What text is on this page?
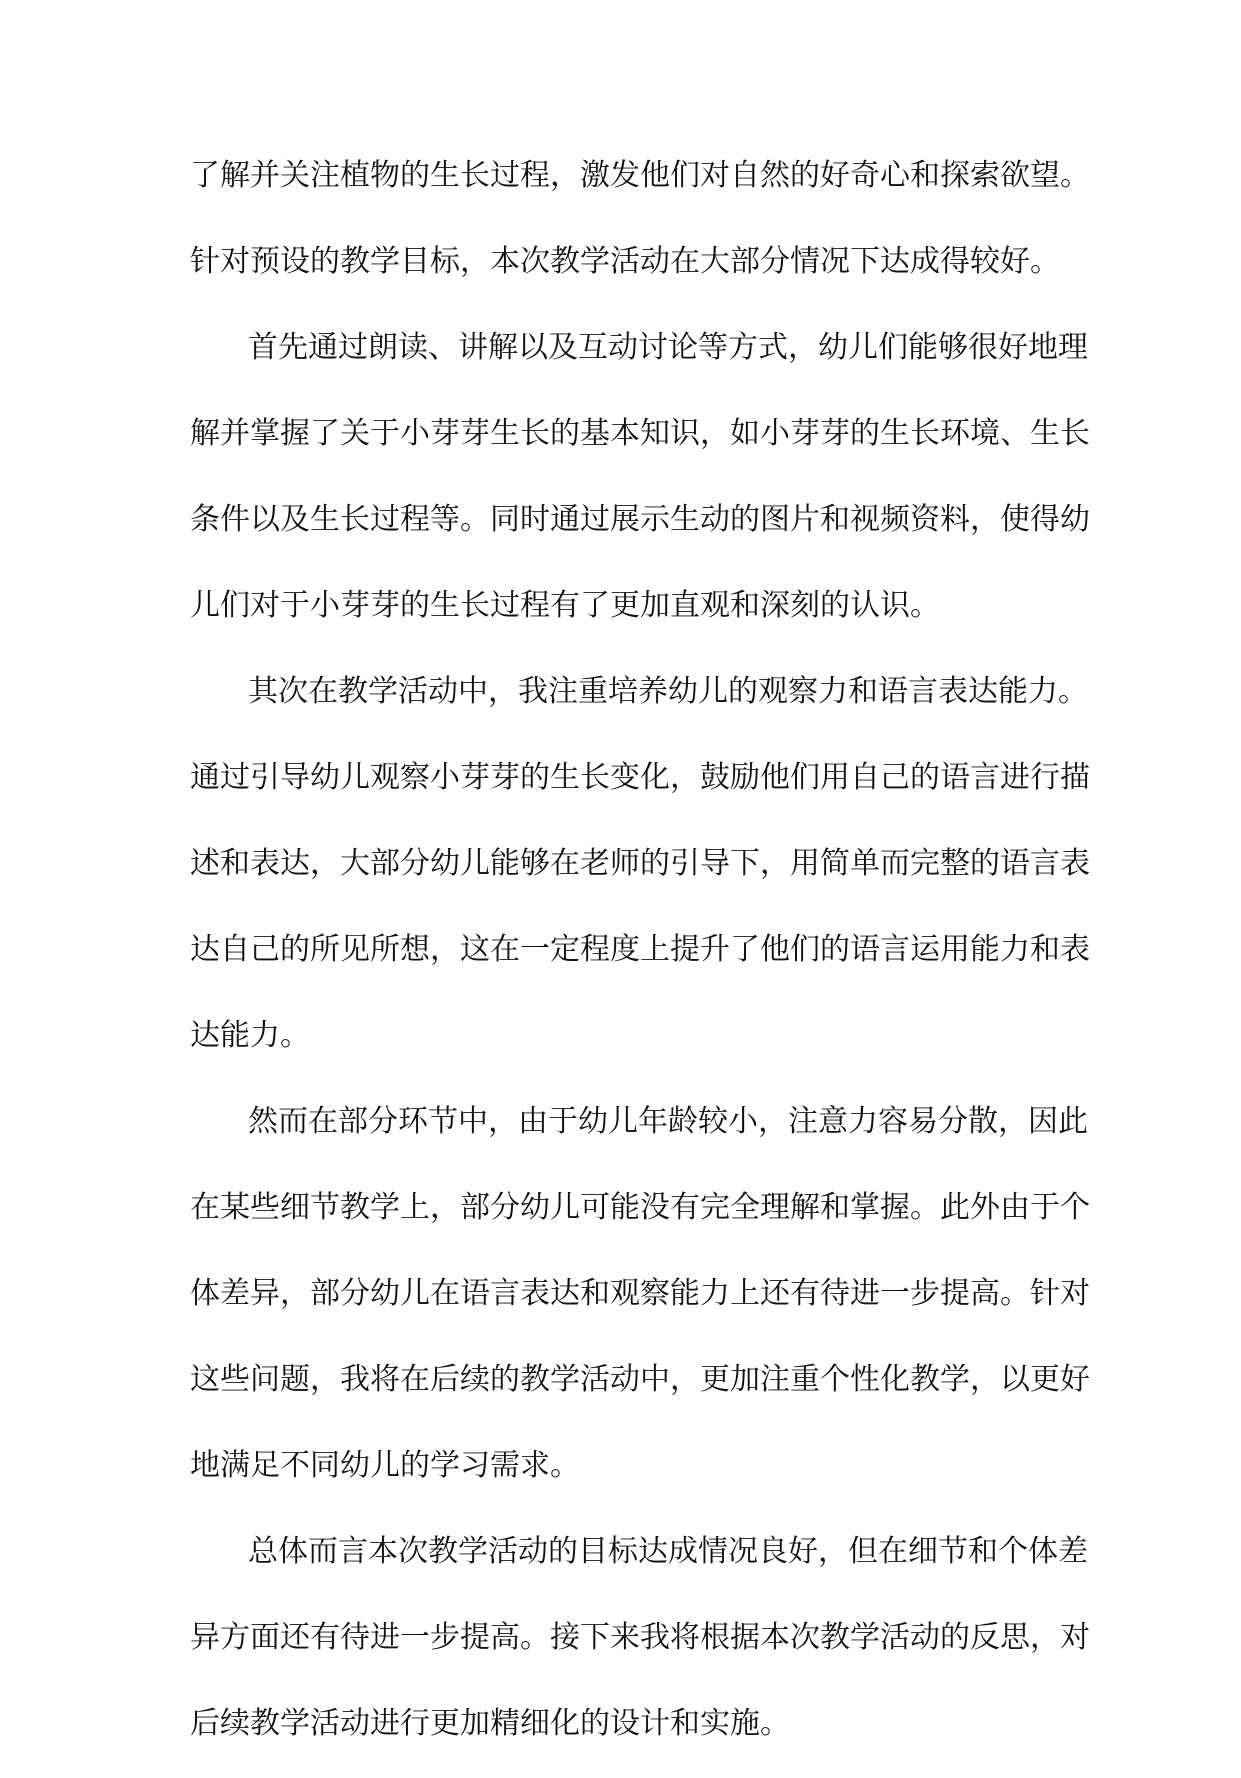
了解并关注植物的生长过程，激发他们对自然的好奇心和探索欲望。
针对预设的教学目标，本次教学活动在大部分情况下达成得较好。
首先通过朗读、讲解以及互动讨论等方式，幼儿们能够很好地理
解并掌握了关于小芽芽生长的基本知识，如小芽芽的生长环境、生长
条件以及生长过程等。同时通过展示生动的图片和视频资料，使得幼
儿们对于小芽芽的生长过程有了更加直观和深刻的认识。
其次在教学活动中，我注重培养幼儿的观察力和语言表达能力。
通过引导幼儿观察小芽芽的生长变化，鼓励他们用自己的语言进行描
述和表达，大部分幼儿能够在老师的引导下，用简单而完整的语言表
达自己的所见所想，这在一定程度上提升了他们的语言运用能力和表
达能力。
然而在部分环节中，由于幼儿年龄较小，注意力容易分散，因此
在某些细节教学上，部分幼儿可能没有完全理解和掌握。此外由于个
体差异，部分幼儿在语言表达和观察能力上还有待进一步提高。针对
这些问题，我将在后续的教学活动中，更加注重个性化教学，以更好
地满足不同幼儿的学习需求。
总体而言本次教学活动的目标达成情况良好，但在细节和个体差
异方面还有待进一步提高。接下来我将根据本次教学活动的反思，对
后续教学活动进行更加精细化的设计和实施。
